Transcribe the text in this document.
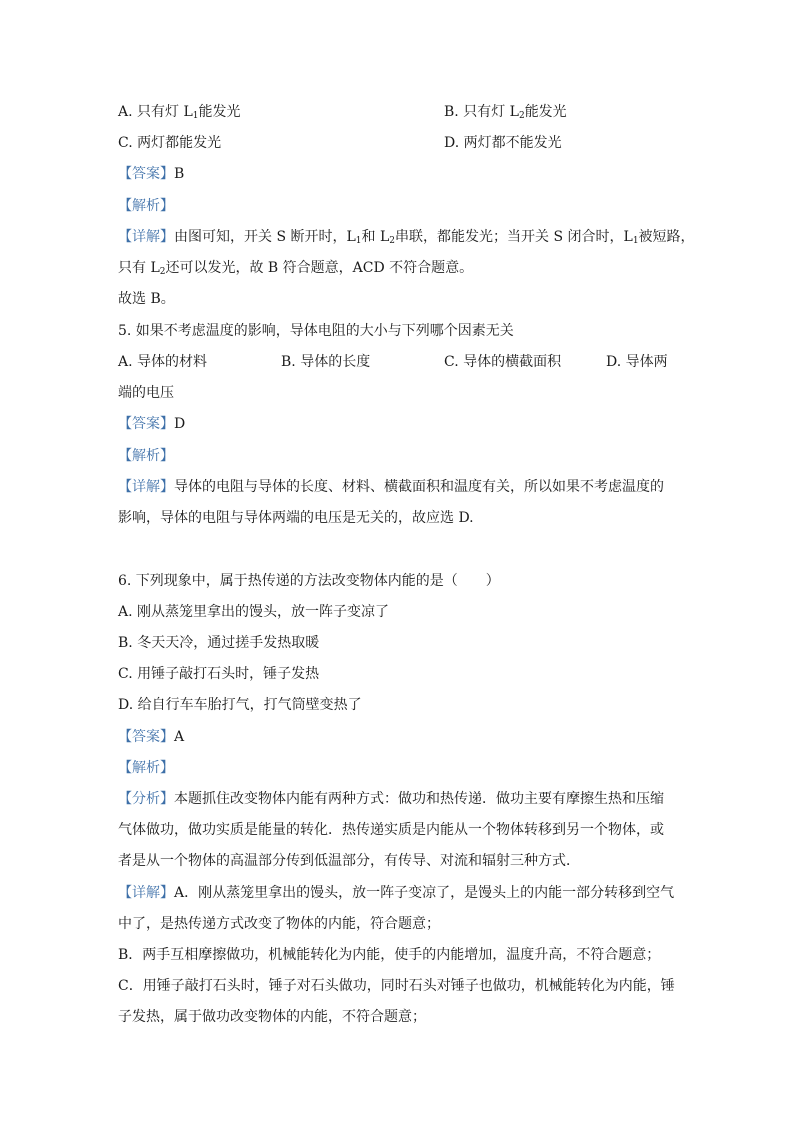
A. 只有灯 $L_1$能发光	B. 只有灯 $L_2$能发光
C. 两灯都能发光	D. 两灯都不能发光
【答案】B
【解析】
【详解】由图可知，开关 S 断开时，$L_1$和 $L_2$串联，都能发光；当开关 S 闭合时，$L_1$被短路，
只有 $L_2$还可以发光，故 B 符合题意，ACD 不符合题意。
故选 B。
5. 如果不考虑温度的影响，导体电阻的大小与下列哪个因素无关
A. 导体的材料	B. 导体的长度	C. 导体的横截面积	D. 导体两
端的电压
【答案】D
【解析】
【详解】导体的电阻与导体的长度、材料、横截面积和温度有关，所以如果不考虑温度的
影响，导体的电阻与导体两端的电压是无关的，故应选 D.
6. 下列现象中，属于热传递的方法改变物体内能的是（　　）
A. 刚从蒸笼里拿出的馒头，放一阵子变凉了
B. 冬天天冷，通过搓手发热取暖
C. 用锤子敲打石头时，锤子发热
D. 给自行车车胎打气，打气筒壁变热了
【答案】A
【解析】
【分析】本题抓住改变物体内能有两种方式：做功和热传递．做功主要有摩擦生热和压缩
气体做功，做功实质是能量的转化．热传递实质是内能从一个物体转移到另一个物体，或
者是从一个物体的高温部分传到低温部分，有传导、对流和辐射三种方式．
【详解】A．刚从蒸笼里拿出的馒头，放一阵子变凉了，是馒头上的内能一部分转移到空气
中了，是热传递方式改变了物体的内能，符合题意；
B．两手互相摩擦做功，机械能转化为内能，使手的内能增加，温度升高，不符合题意；
C．用锤子敲打石头时，锤子对石头做功，同时石头对锤子也做功，机械能转化为内能，锤
子发热，属于做功改变物体的内能，不符合题意；
